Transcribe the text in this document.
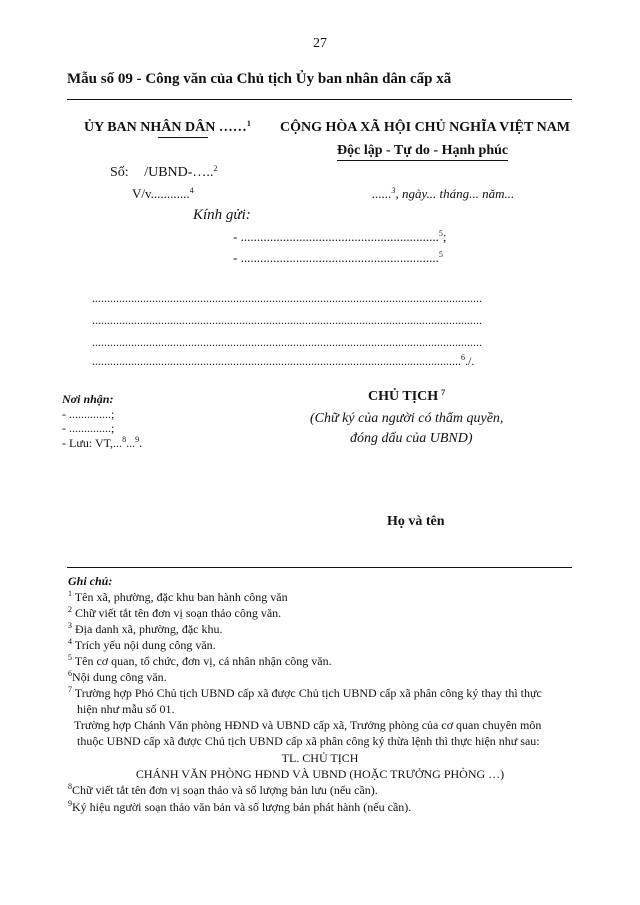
27
Mẫu số 09 - Công văn của Chủ tịch Ủy ban nhân dân cấp xã
ỦY BAN NHÂN DÂN ……$^1$ CỘNG HÒA XÃ HỘI CHỦ NGHĨA VIỆT NAM
Độc lập - Tự do - Hạnh phúc
Số: /UBND-…..$^2$
V/v............$^4$	......$^3$, ngày... tháng... năm...
Kính gửi:
- .............................................................$^5$;
- .............................................................$^5$
..................................................................................................................................
..................................................................................................................................
..................................................................................................................................
...........................................................................................................................$^6$./.
Nơi nhận:
- ..............;
- ..............;
- Lưu: VT,...$^8$...$^9$.
CHỦ TỊCH $^7$
(Chữ ký của người có thẩm quyền,
đóng dấu của UBND)
Họ và tên
Ghi chú:
$^1$ Tên xã, phường, đặc khu ban hành công văn
$^2$ Chữ viết tắt tên đơn vị soạn thảo công văn.
$^3$ Địa danh xã, phường, đặc khu.
$^4$ Trích yếu nội dung công văn.
$^5$ Tên cơ quan, tổ chức, đơn vị, cá nhân nhận công văn.
$^6$Nội dung công văn.
$^7$ Trường hợp Phó Chủ tịch UBND cấp xã được Chủ tịch UBND cấp xã phân công ký thay thì thực
hiện như mẫu số 01.
Trường hợp Chánh Văn phòng HĐND và UBND cấp xã, Trưởng phòng của cơ quan chuyên môn
thuộc UBND cấp xã được Chủ tịch UBND cấp xã phân công ký thừa lệnh thì thực hiện như sau:
TL. CHỦ TỊCH
CHÁNH VĂN PHÒNG HĐND VÀ UBND (HOẶC TRƯỞNG PHÒNG …)
$^8$Chữ viết tắt tên đơn vị soạn thảo và số lượng bản lưu (nếu cần).
$^9$Ký hiệu người soạn thảo văn bản và số lượng bản phát hành (nếu cần).
